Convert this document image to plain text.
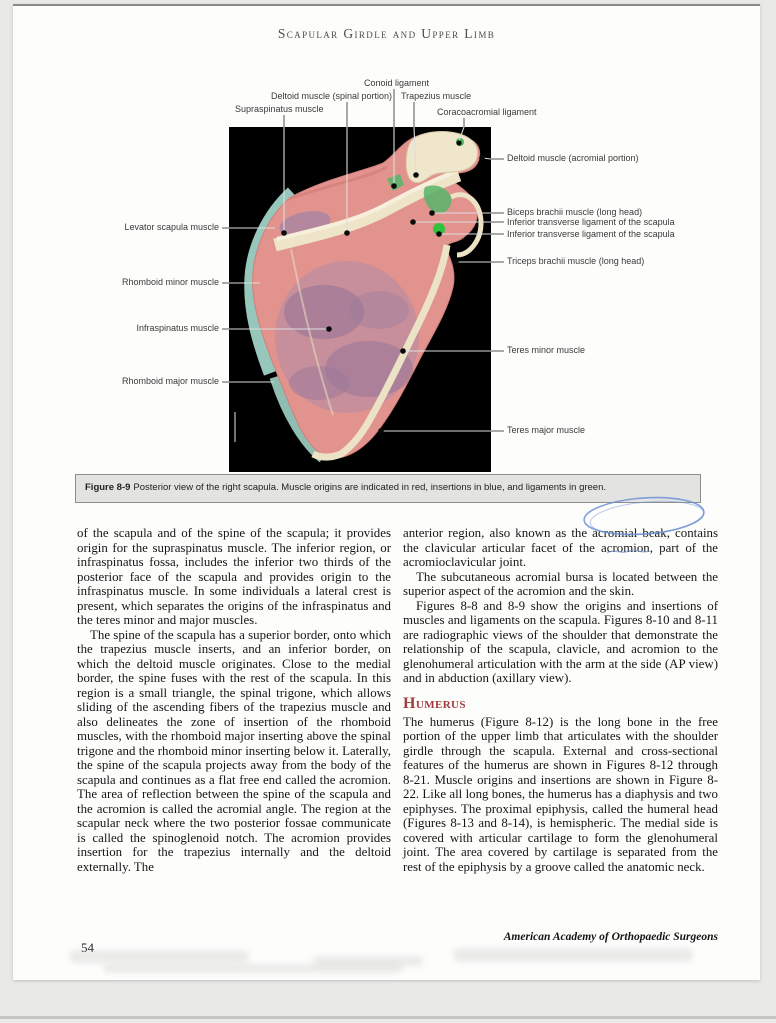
Scapular Girdle and Upper Limb
Conoid ligament
Deltoid muscle (spinal portion) Trapezius muscle
Supraspinatus muscle	Coracoacromial ligament
Levator scapula muscle
Rhomboid minor muscle
Infraspinatus muscle
Rhomboid major muscle
Deltoid muscle (acromial portion)
Biceps brachii muscle (long head)
Inferior transverse ligament of the scapula
Inferior transverse ligament of the scapula
Triceps brachii muscle (long head)
Teres minor muscle
Teres major muscle
Figure 8-9 Posterior view of the right scapula. Muscle origins are indicated in red, insertions in blue, and ligaments in green.

of the scapula and of the spine of the scapula; it provides origin for the supraspinatus muscle. The inferior region, or infraspinatus fossa, includes the inferior two thirds of the posterior face of the scapula and provides origin to the infraspinatus muscle. In some individuals a lateral crest is present, which separates the origins of the infraspinatus and the teres minor and major muscles.

The spine of the scapula has a superior border, onto which the trapezius muscle inserts, and an inferior border, on which the deltoid muscle originates. Close to the medial border, the spine fuses with the rest of the scapula. In this region is a small triangle, the spinal trigone, which allows sliding of the ascending fibers of the trapezius muscle and also delineates the zone of insertion of the rhomboid muscles, with the rhomboid major inserting above the spinal trigone and the rhomboid minor inserting below it. Laterally, the spine of the scapula projects away from the body of the scapula and continues as a flat free end called the acromion. The area of reflection between the spine of the scapula and the acromion is called the acromial angle. The region at the scapular neck where the two posterior fossae communicate is called the spinoglenoid notch. The acromion provides insertion for the trapezius internally and the deltoid externally. The

anterior region, also known as the acromial beak, contains the clavicular articular facet of the acromion, part of the acromioclavicular joint.

The subcutaneous acromial bursa is located between the superior aspect of the acromion and the skin.

Figures 8-8 and 8-9 show the origins and insertions of muscles and ligaments on the scapula. Figures 8-10 and 8-11 are radiographic views of the shoulder that demonstrate the relationship of the scapula, clavicle, and acromion to the glenohumeral articulation with the arm at the side (AP view) and in abduction (axillary view).

Humerus

The humerus (Figure 8-12) is the long bone in the free portion of the upper limb that articulates with the shoulder girdle through the scapula. External and cross-sectional features of the humerus are shown in Figures 8-12 through 8-21. Muscle origins and insertions are shown in Figure 8-22. Like all long bones, the humerus has a diaphysis and two epiphyses. The proximal epiphysis, called the humeral head (Figures 8-13 and 8-14), is hemispheric. The medial side is covered with articular cartilage to form the glenohumeral joint. The area covered by cartilage is separated from the rest of the epiphysis by a groove called the anatomic neck.

54
American Academy of Orthopaedic Surgeons
